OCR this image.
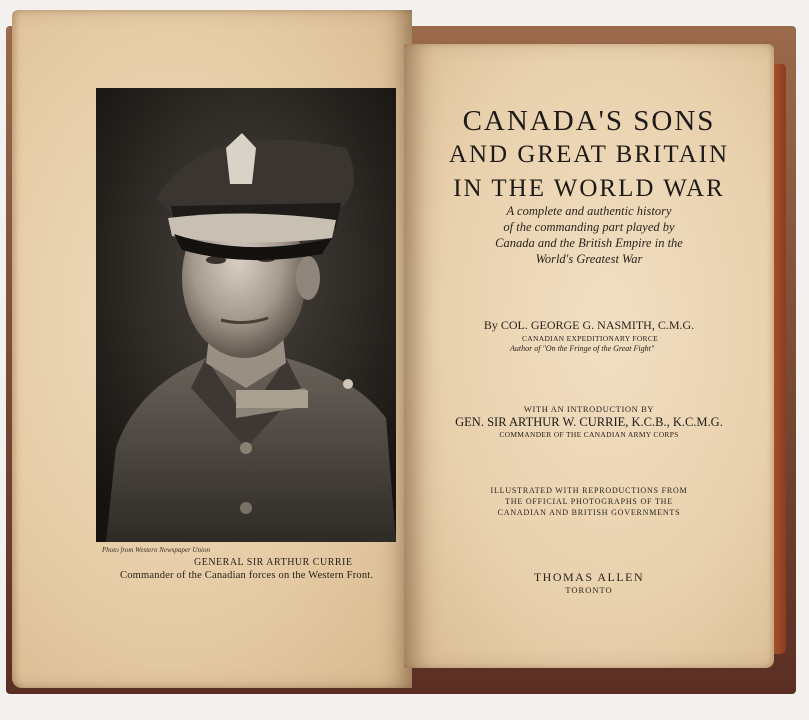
Photo from Western Newspaper Union
GENERAL SIR ARTHUR CURRIE
Commander of the Canadian forces on the Western Front.
CANADA'S SONS
AND GREAT BRITAIN
IN THE WORLD WAR
A complete and authentic history
of the commanding part played by
Canada and the British Empire in the
World's Greatest War
By COL. GEORGE G. NASMITH, C.M.G.
CANADIAN EXPEDITIONARY FORCE
Author of "On the Fringe of the Great Fight"
WITH AN INTRODUCTION BY
GEN. SIR ARTHUR W. CURRIE, K.C.B., K.C.M.G.
COMMANDER OF THE CANADIAN ARMY CORPS
ILLUSTRATED WITH REPRODUCTIONS FROM
THE OFFICIAL PHOTOGRAPHS OF THE
CANADIAN AND BRITISH GOVERNMENTS
THOMAS ALLEN
TORONTO
